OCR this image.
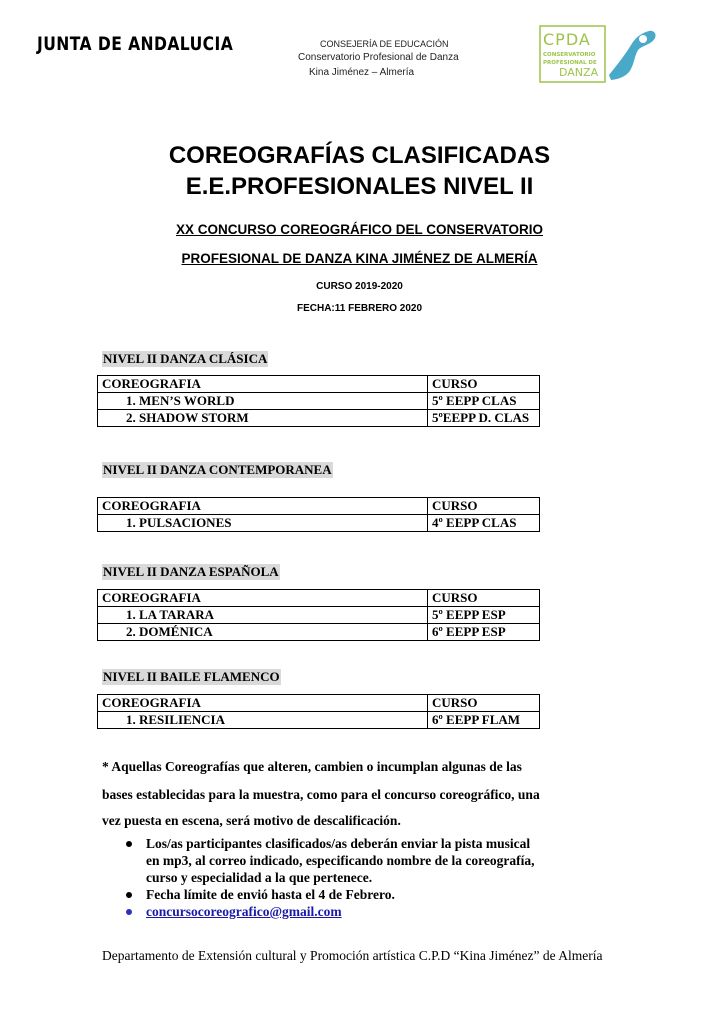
JUNTA DE ANDALUCIA	CONSEJERÍA DE EDUCACIÓN
Conservatorio Profesional de Danza
Kina Jiménez – Almería
CPDA
CONSERVATORIO
PROFESIONAL DE
DANZA
COREOGRAFÍAS CLASIFICADAS
E.E.PROFESIONALES NIVEL II
XX CONCURSO COREOGRÁFICO DEL CONSERVATORIO
PROFESIONAL DE DANZA KINA JIMÉNEZ DE ALMERÍA
CURSO 2019-2020
FECHA:11 FEBRERO 2020
NIVEL II DANZA CLÁSICA
COREOGRAFIA	CURSO
1. MEN’S WORLD	5º EEPP CLAS
2. SHADOW STORM	5ºEEPP D. CLAS
NIVEL II DANZA CONTEMPORANEA
COREOGRAFIA	CURSO
1. PULSACIONES	4º EEPP CLAS
NIVEL II DANZA ESPAÑOLA
COREOGRAFIA	CURSO
1. LA TARARA	5º EEPP ESP
2. DOMÉNICA	6º EEPP ESP
NIVEL II BAILE FLAMENCO
COREOGRAFIA	CURSO
1. RESILIENCIA	6º EEPP FLAM
* Aquellas Coreografías que alteren, cambien o incumplan algunas de las
bases establecidas para la muestra, como para el concurso coreográfico, una
vez puesta en escena, será motivo de descalificación.
Los/as participantes clasificados/as deberán enviar la pista musical
en mp3, al correo indicado, especificando nombre de la coreografía,
curso y especialidad a la que pertenece.
Fecha límite de envió hasta el 4 de Febrero.
concursocoreografico@gmail.com
Departamento de Extensión cultural y Promoción artística C.P.D “Kina Jiménez” de Almería
